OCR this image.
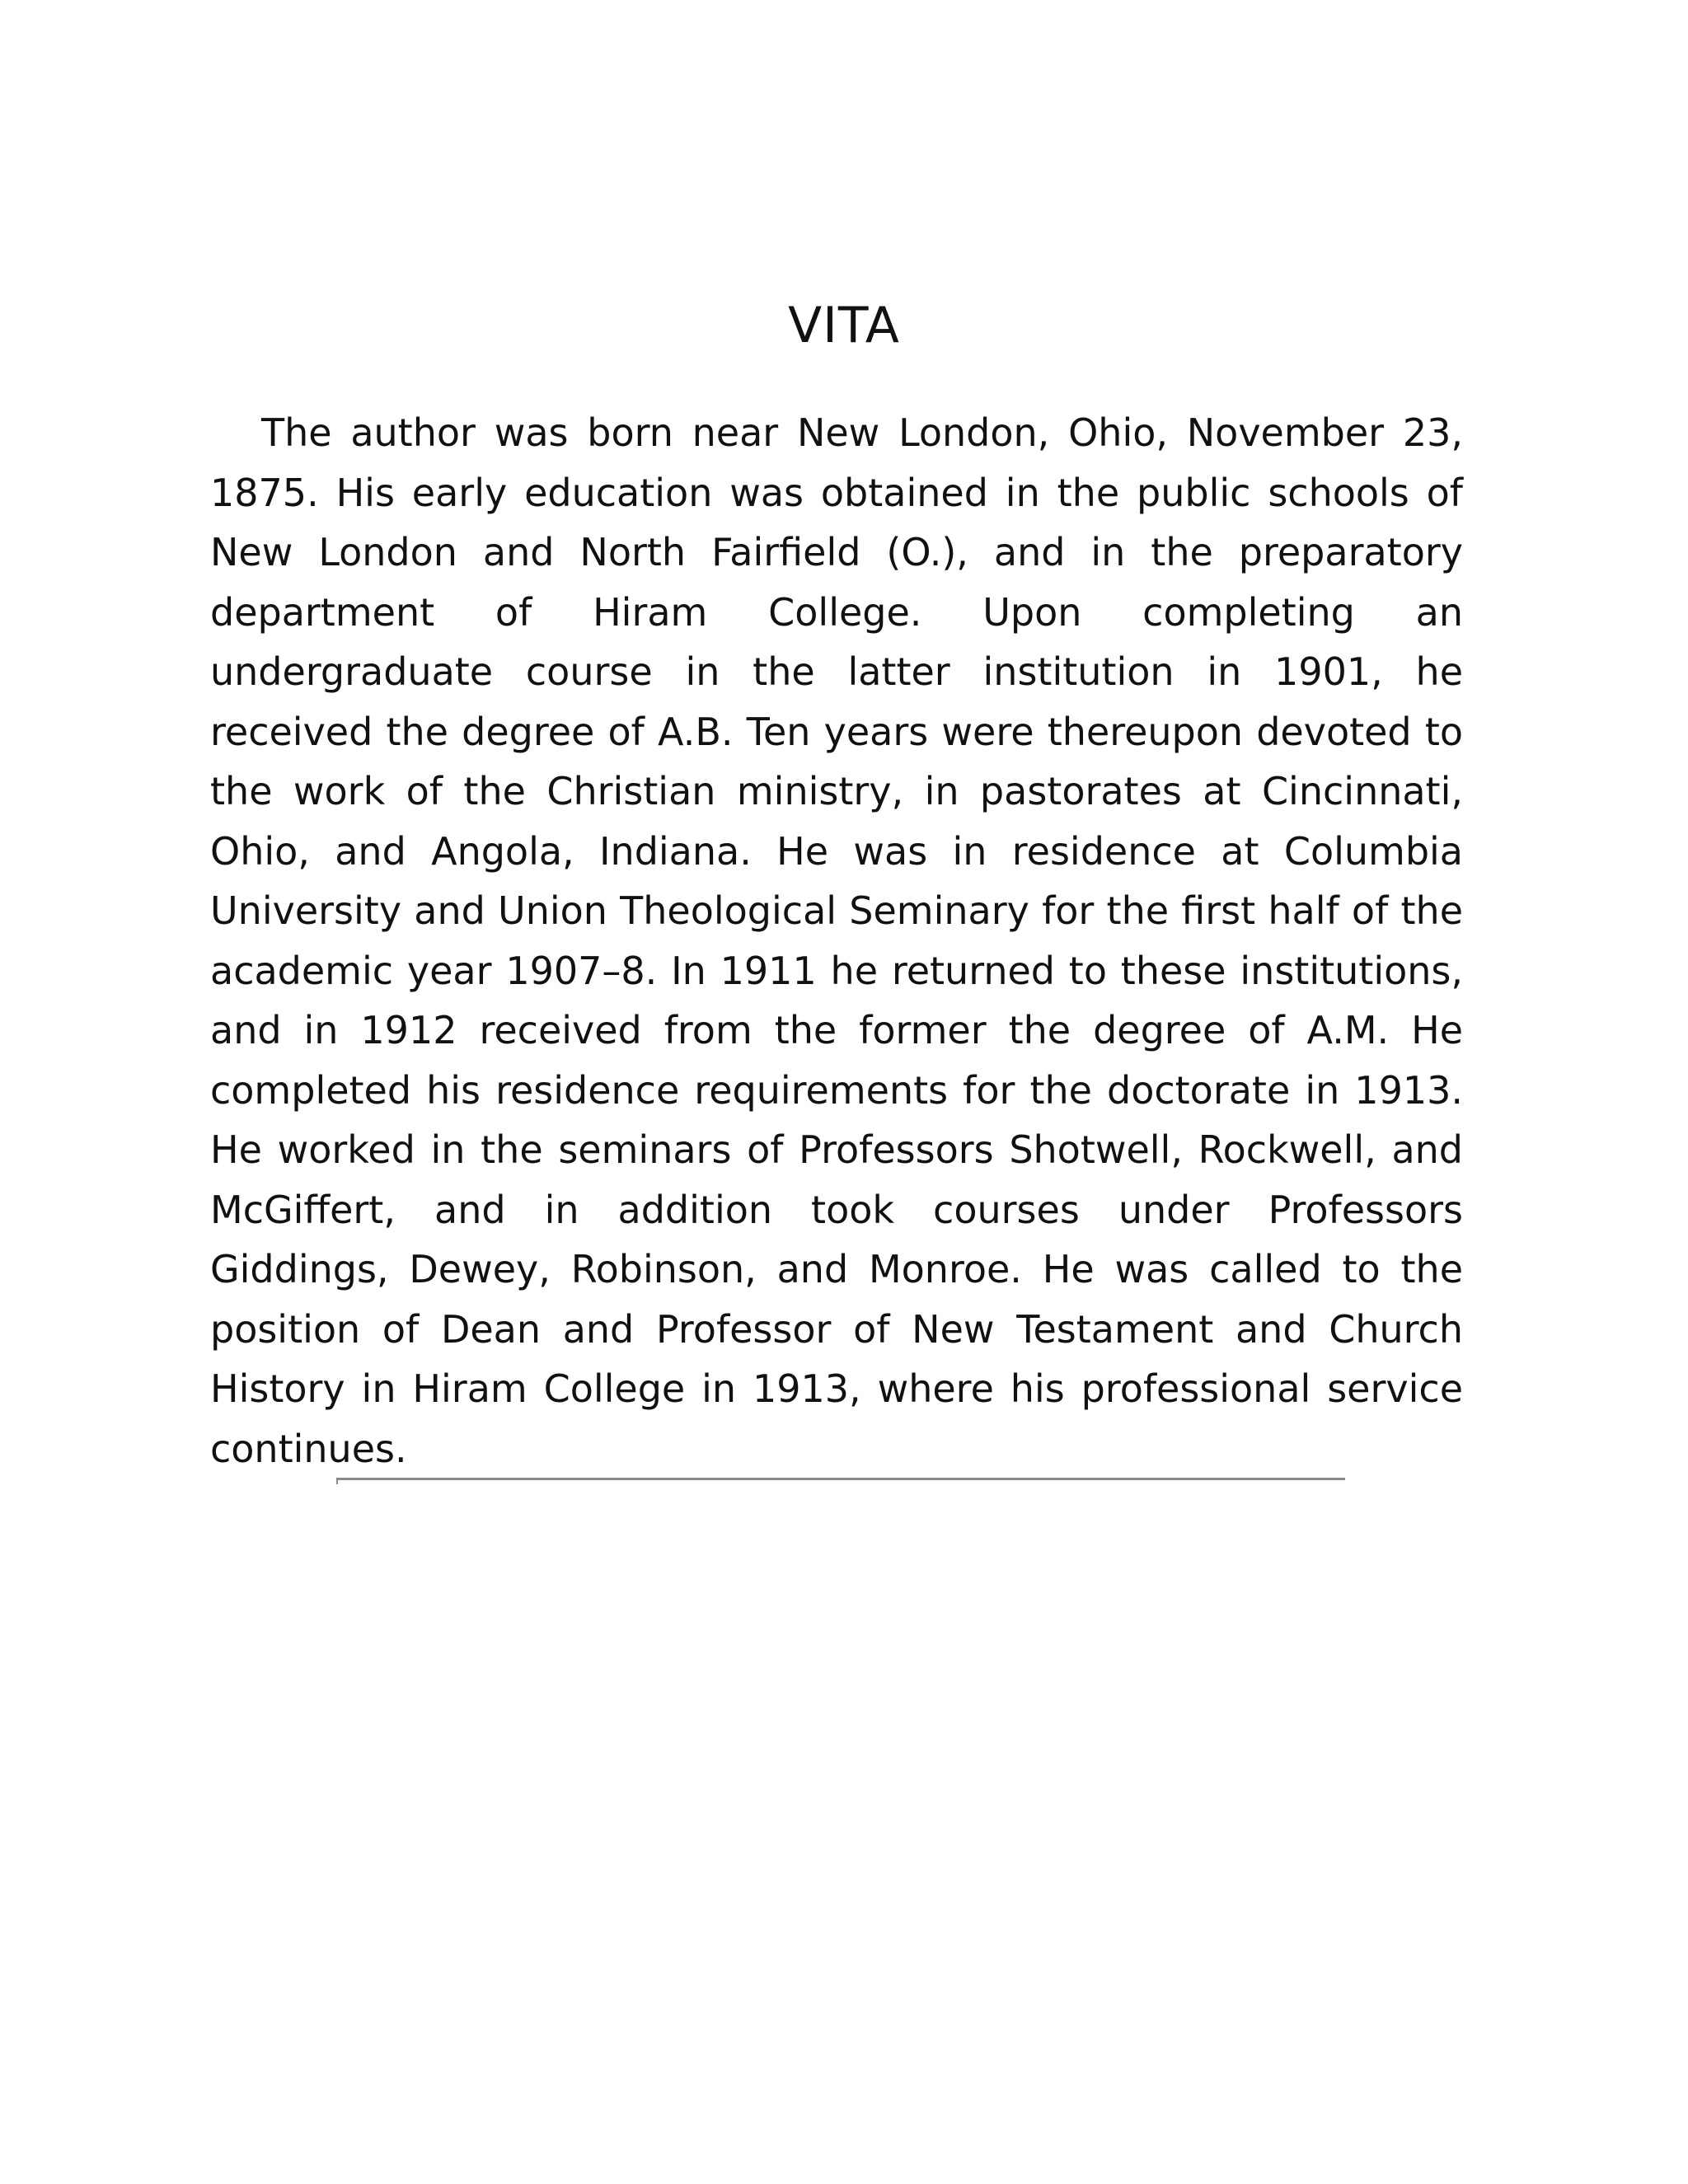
VITA

The author was born near New London, Ohio, November 23, 1875. His early education was obtained in the public schools of New London and North Fairfield (O.), and in the preparatory department of Hiram College. Upon completing an undergraduate course in the latter institution in 1901, he received the degree of A.B. Ten years were thereupon devoted to the work of the Christian ministry, in pastorates at Cincinnati, Ohio, and Angola, Indiana. He was in residence at Columbia University and Union Theological Seminary for the first half of the academic year 1907–8. In 1911 he returned to these institutions, and in 1912 received from the former the degree of A.M. He completed his residence requirements for the doctorate in 1913. He worked in the seminars of Professors Shotwell, Rockwell, and McGiffert, and in addition took courses under Professors Giddings, Dewey, Robinson, and Monroe. He was called to the position of Dean and Professor of New Testament and Church History in Hiram College in 1913, where his professional service continues.
